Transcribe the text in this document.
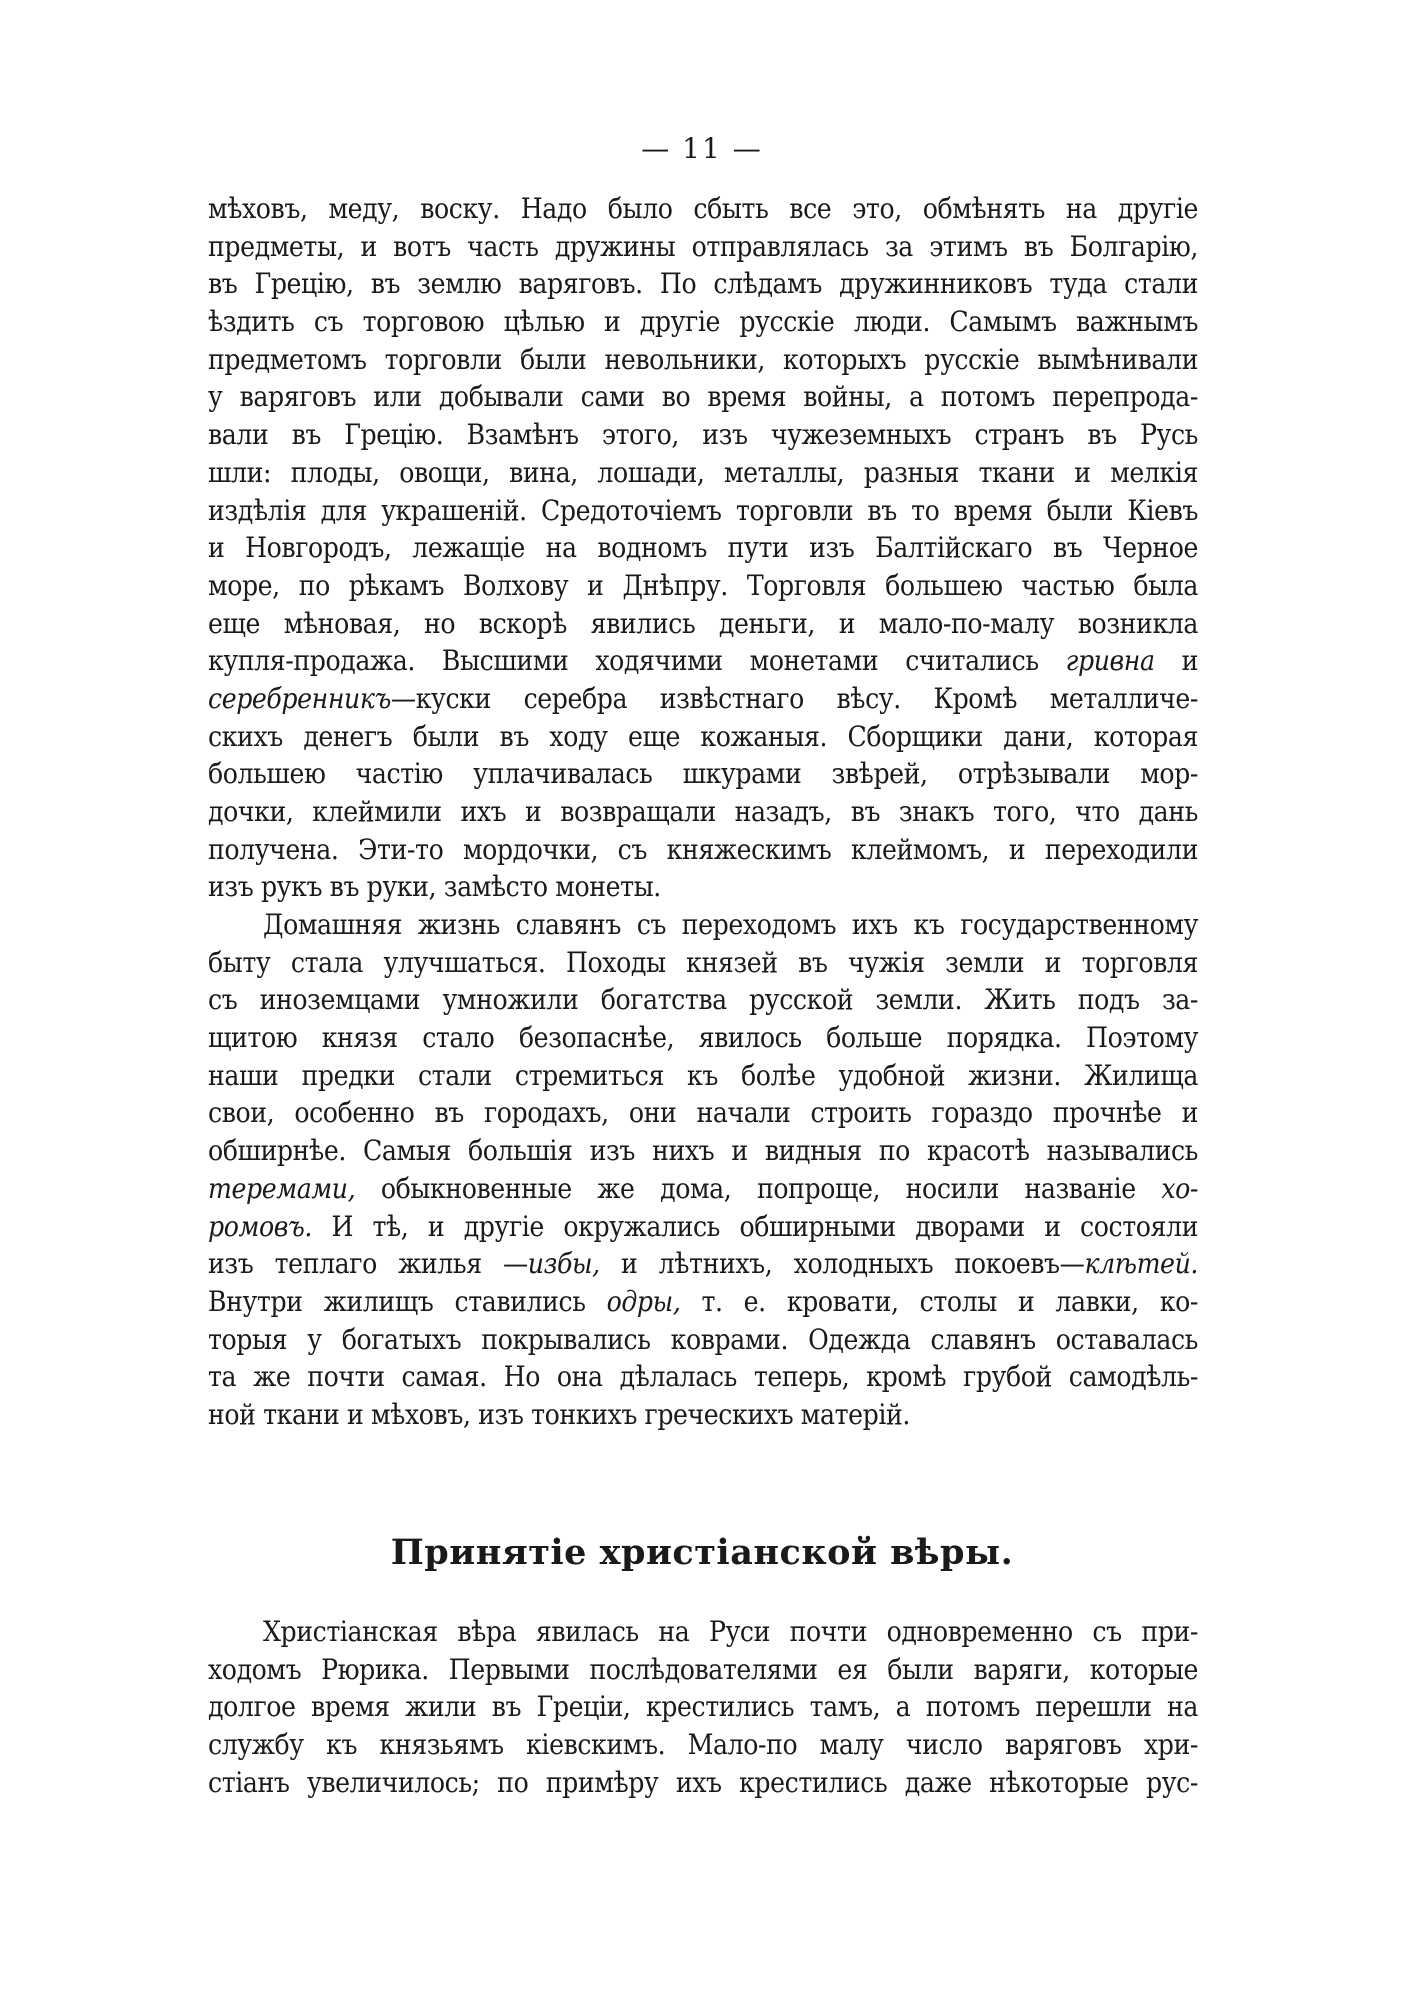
— 11 —
мѣховъ, меду, воску. Надо было сбыть все это, обмѣнять на другіе
предметы, и вотъ часть дружины отправлялась за этимъ въ Болгарію,
въ Грецію, въ землю варяговъ. По слѣдамъ дружинниковъ туда стали
ѣздить съ торговою цѣлью и другіе русскіе люди. Самымъ важнымъ
предметомъ торговли были невольники, которыхъ русскіе вымѣнивали
у варяговъ или добывали сами во время войны, а потомъ перепрода-
вали въ Грецію. Взамѣнъ этого, изъ чужеземныхъ странъ въ Русь
шли: плоды, овощи, вина, лошади, металлы, разныя ткани и мелкія
издѣлія для украшеній. Средоточіемъ торговли въ то время были Кіевъ
и Новгородъ, лежащіе на водномъ пути изъ Балтійскаго въ Черное
море, по рѣкамъ Волхову и Днѣпру. Торговля большею частью была
еще мѣновая, но вскорѣ явились деньги, и мало-по-малу возникла
купля-продажа. Высшими ходячими монетами считались гривна и
серебренникъ—куски серебра извѣстнаго вѣсу. Кромѣ металличе-
скихъ денегъ были въ ходу еще кожаныя. Сборщики дани, которая
большею частію уплачивалась шкурами звѣрей, отрѣзывали мор-
дочки, клеймили ихъ и возвращали назадъ, въ знакъ того, что дань
получена. Эти-то мордочки, съ княжескимъ клеймомъ, и переходили
изъ рукъ въ руки, замѣсто монеты.
Домашняя жизнь славянъ съ переходомъ ихъ къ государственному
быту стала улучшаться. Походы князей въ чужія земли и торговля
съ иноземцами умножили богатства русской земли. Жить подъ за-
щитою князя стало безопаснѣе, явилось больше порядка. Поэтому
наши предки стали стремиться къ болѣе удобной жизни. Жилища
свои, особенно въ городахъ, они начали строить гораздо прочнѣе и
обширнѣе. Самыя большія изъ нихъ и видныя по красотѣ назывались
теремами, обыкновенные же дома, попроще, носили названіе хо-
ромовъ. И тѣ, и другіе окружались обширными дворами и состояли
изъ теплаго жилья —избы, и лѣтнихъ, холодныхъ покоевъ—клѣтей.
Внутри жилищъ ставились одры, т. е. кровати, столы и лавки, ко-
торыя у богатыхъ покрывались коврами. Одежда славянъ оставалась
та же почти самая. Но она дѣлалась теперь, кромѣ грубой самодѣль-
ной ткани и мѣховъ, изъ тонкихъ греческихъ матерій.
Принятіе христіанской вѣры.
Христіанская вѣра явилась на Руси почти одновременно съ при-
ходомъ Рюрика. Первыми послѣдователями ея были варяги, которые
долгое время жили въ Греціи, крестились тамъ, а потомъ перешли на
службу къ князьямъ кіевскимъ. Мало-по малу число варяговъ хри-
стіанъ увеличилось; по примѣру ихъ крестились даже нѣкоторые рус-
